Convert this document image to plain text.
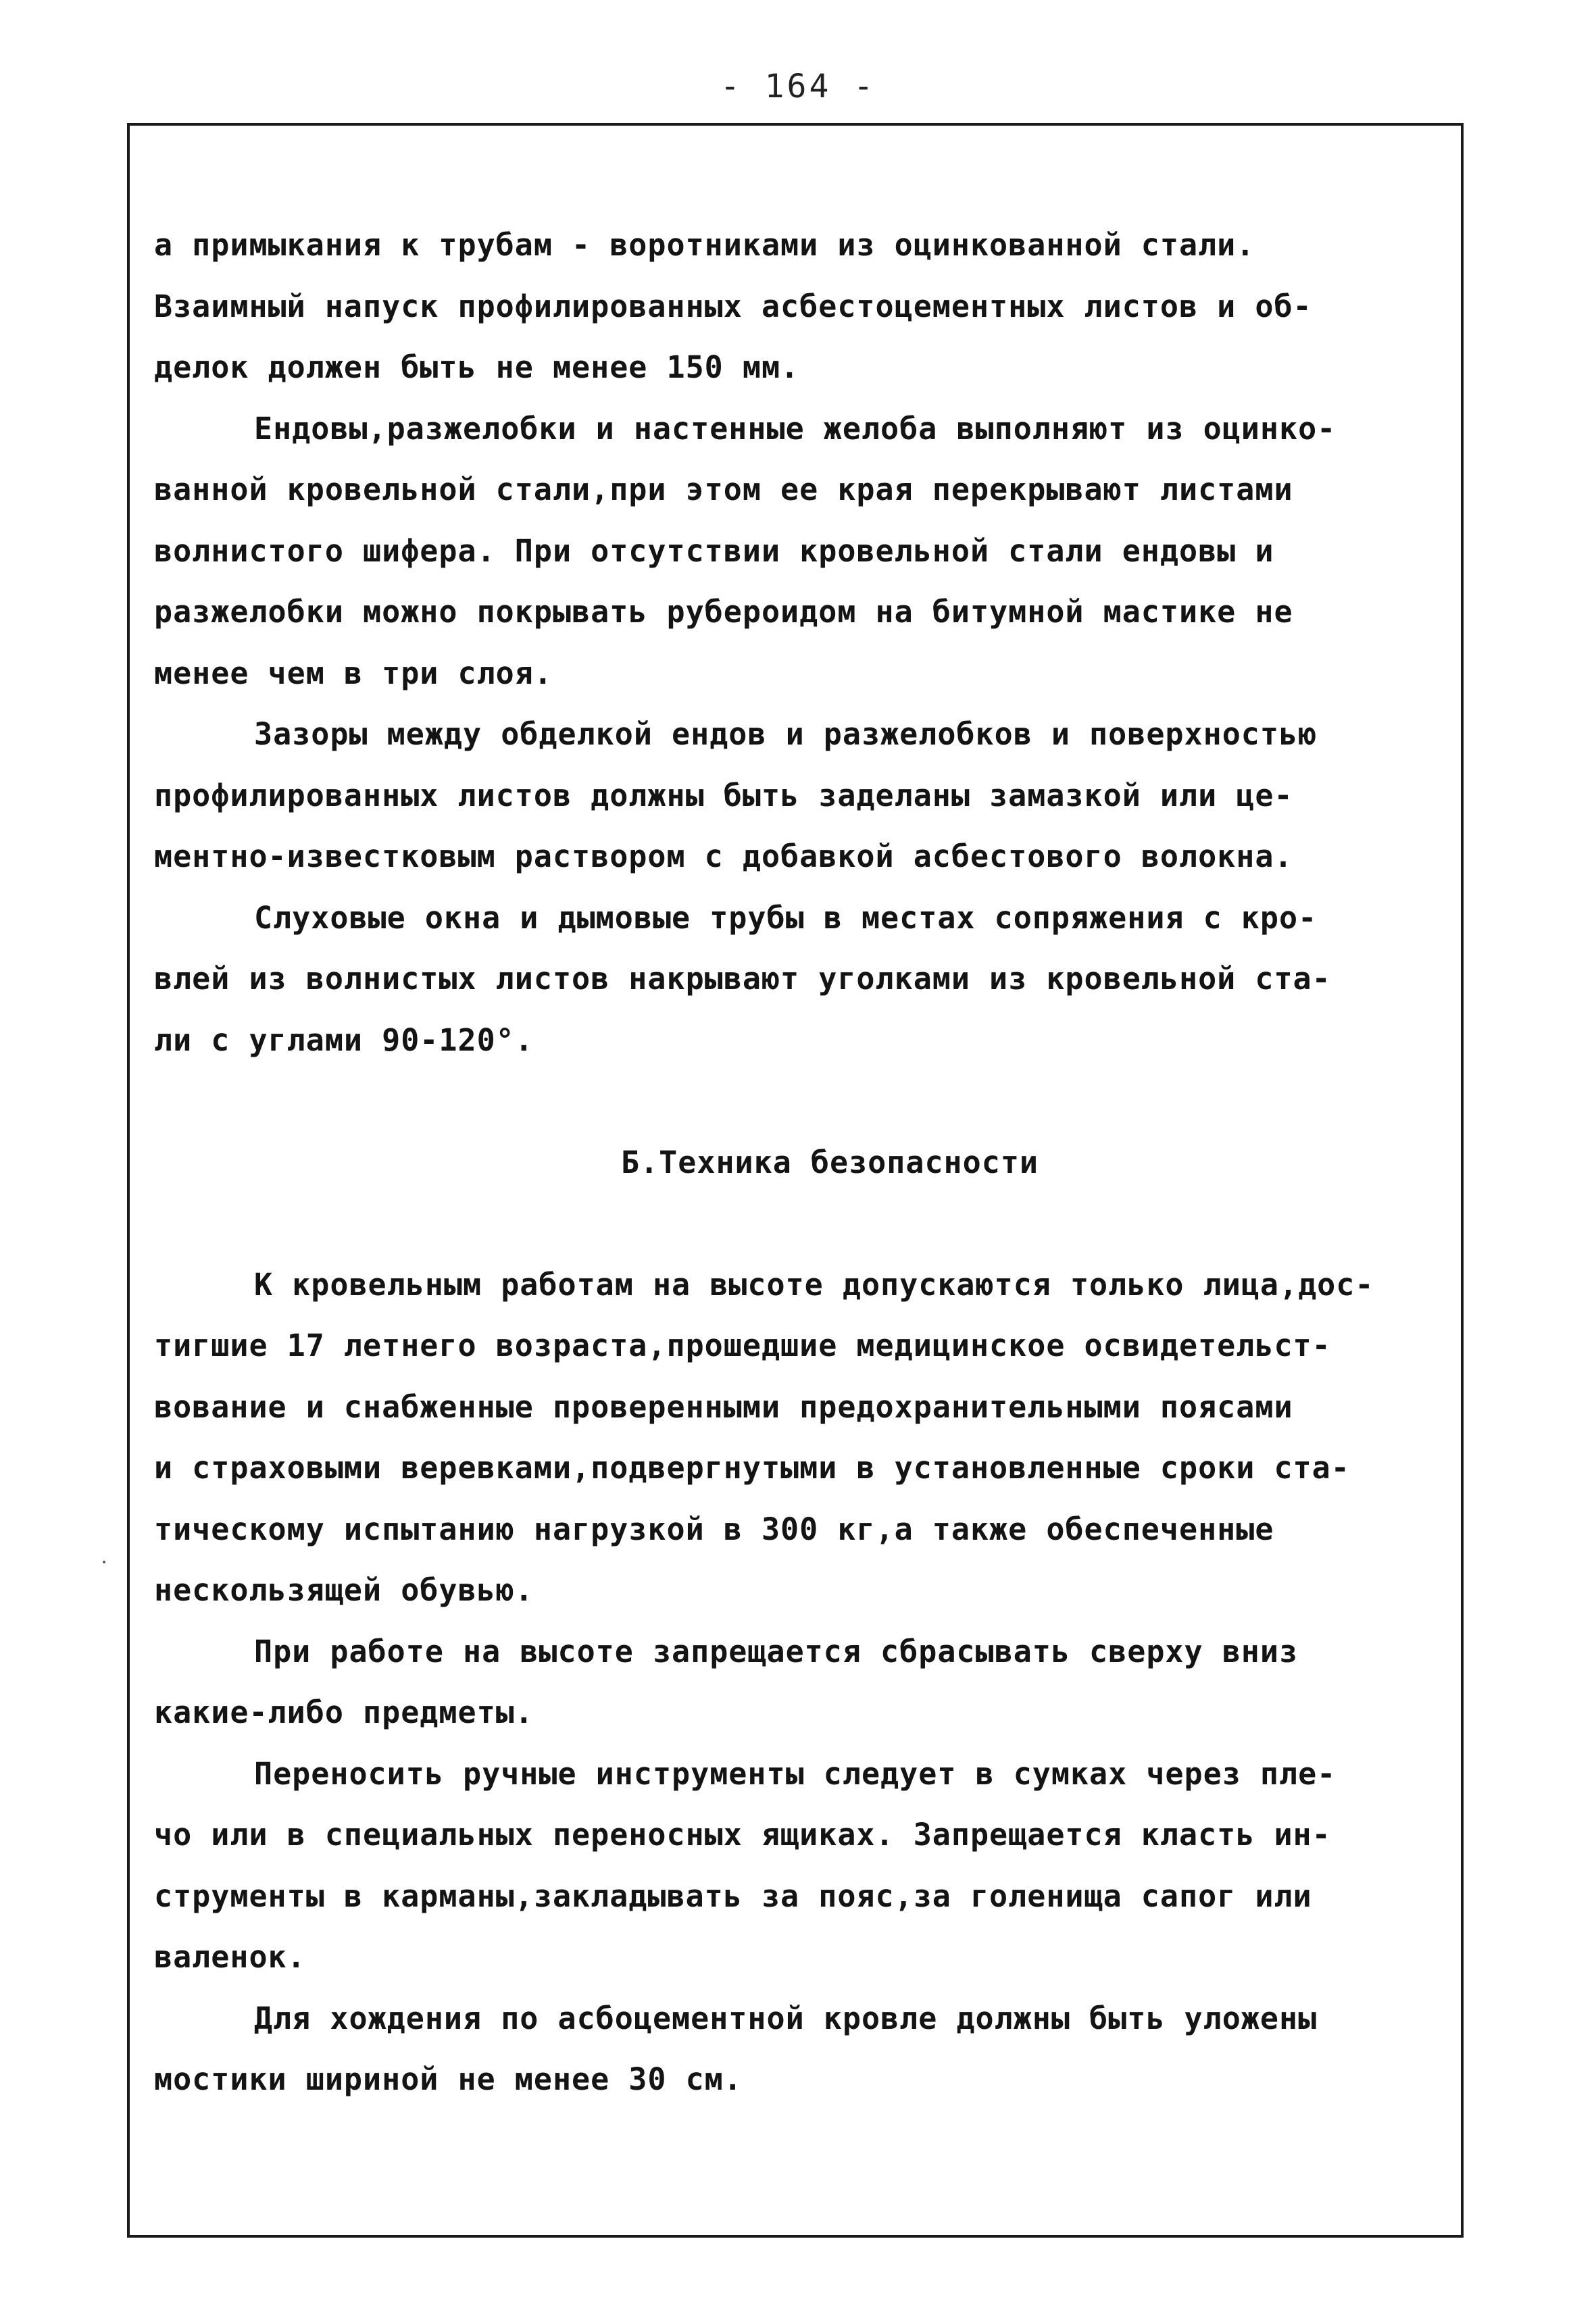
- 164 -
а примыкания к трубам - воротниками из оцинкованной стали.
Взаимный напуск профилированных асбестоцементных листов и об-
делок должен быть не менее 150 мм.
Ендовы,разжелобки и настенные желоба выполняют из оцинко-
ванной кровельной стали,при этом ее края перекрывают листами
волнистого шифера. При отсутствии кровельной стали ендовы и
разжелобки можно покрывать рубероидом на битумной мастике не
менее чем в три слоя.
Зазоры между обделкой ендов и разжелобков и поверхностью
профилированных листов должны быть заделаны замазкой или це-
ментно-известковым раствором с добавкой асбестового волокна.
Слуховые окна и дымовые трубы в местах сопряжения с кро-
влей из волнистых листов накрывают уголками из кровельной ста-
ли с углами 90-120°.
Б.Техника безопасности
К кровельным работам на высоте допускаются только лица,дос-
тигшие 17 летнего возраста,прошедшие медицинское освидетельст-
вование и снабженные проверенными предохранительными поясами
и страховыми веревками,подвергнутыми в установленные сроки ста-
тическому испытанию нагрузкой в 300 кг,а также обеспеченные
нескользящей обувью.
При работе на высоте запрещается сбрасывать сверху вниз
какие-либо предметы.
Переносить ручные инструменты следует в сумках через пле-
чо или в специальных переносных ящиках. Запрещается класть ин-
струменты в карманы,закладывать за пояс,за голенища сапог или
валенок.
Для хождения по асбоцементной кровле должны быть уложены
мостики шириной не менее 30 см.
